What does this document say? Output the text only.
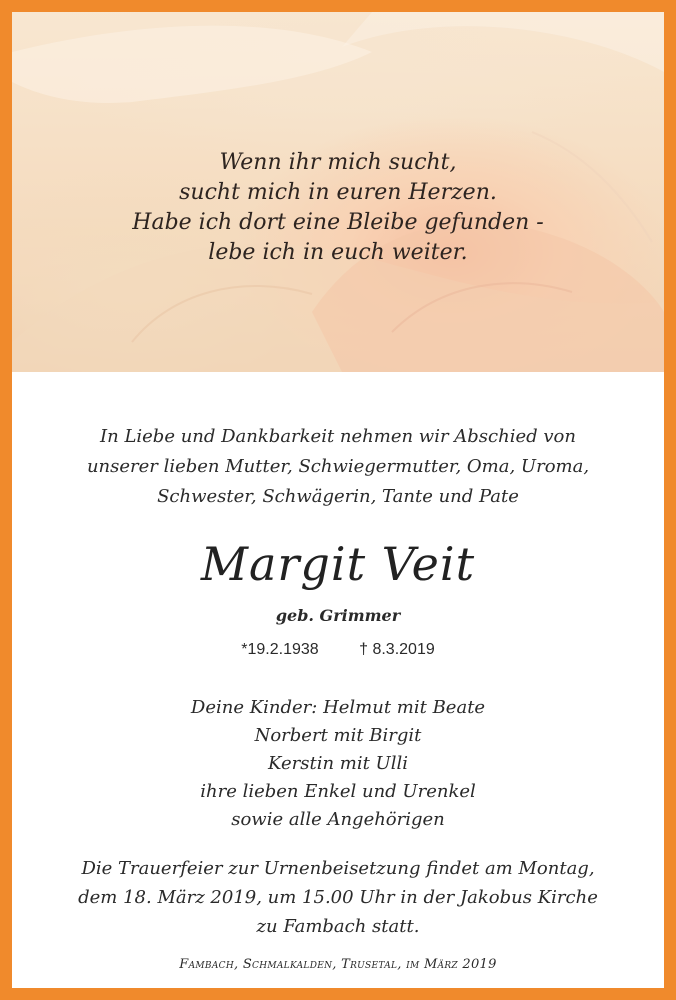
Wenn ihr mich sucht,
sucht mich in euren Herzen.
Habe ich dort eine Bleibe gefunden -
lebe ich in euch weiter.
In Liebe und Dankbarkeit nehmen wir Abschied von
unserer lieben Mutter, Schwiegermutter, Oma, Uroma,
Schwester, Schwägerin, Tante und Pate
Margit Veit
geb. Grimmer
*19.2.1938	† 8.3.2019
Deine Kinder: Helmut mit Beate
Norbert mit Birgit
Kerstin mit Ulli
ihre lieben Enkel und Urenkel
sowie alle Angehörigen
Die Trauerfeier zur Urnenbeisetzung findet am Montag,
dem 18. März 2019, um 15.00 Uhr in der Jakobus Kirche
zu Fambach statt.
Fambach, Schmalkalden, Trusetal, im März 2019
